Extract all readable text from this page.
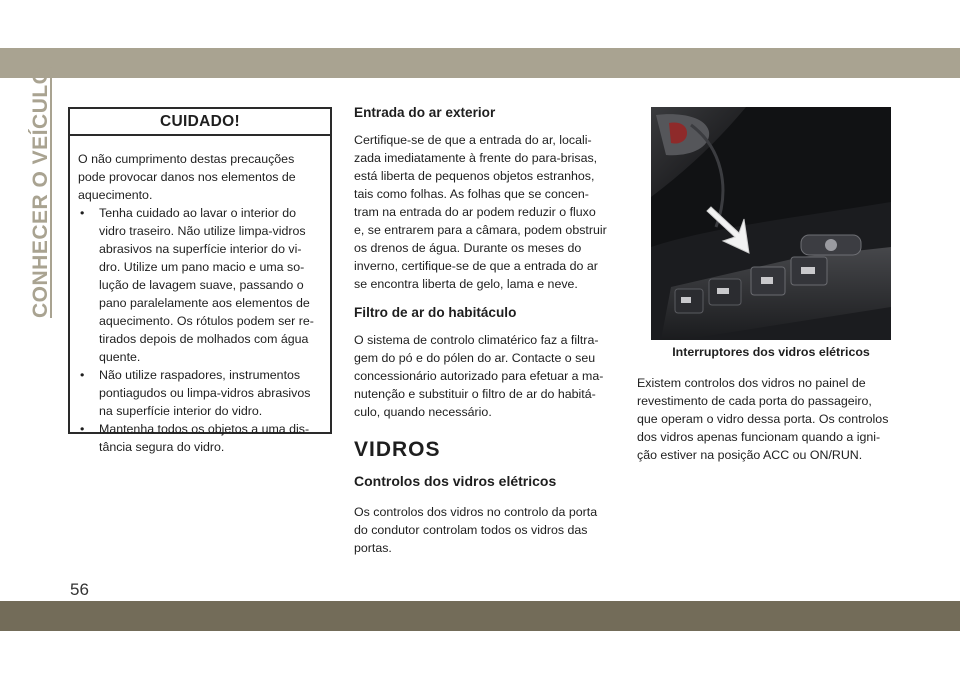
CONHECER O VEÍCULO
56
CUIDADO!

O não cumprimento destas precauções
pode provocar danos nos elementos de
aquecimento.

• Tenha cuidado ao lavar o interior do
vidro traseiro. Não utilize limpa-vidros
abrasivos na superfície interior do vi-
dro. Utilize um pano macio e uma so-
lução de lavagem suave, passando o
pano paralelamente aos elementos de
aquecimento. Os rótulos podem ser re-
tirados depois de molhados com água
quente.
• Não utilize raspadores, instrumentos
pontiagudos ou limpa-vidros abrasivos
na superfície interior do vidro.
• Mantenha todos os objetos a uma dis-
tância segura do vidro.
Entrada do ar exterior

Certifique-se de que a entrada do ar, locali-
zada imediatamente à frente do para-brisas,
está liberta de pequenos objetos estranhos,
tais como folhas. As folhas que se concen-
tram na entrada do ar podem reduzir o fluxo
e, se entrarem para a câmara, podem obstruir
os drenos de água. Durante os meses do
inverno, certifique-se de que a entrada do ar
se encontra liberta de gelo, lama e neve.

Filtro de ar do habitáculo

O sistema de controlo climatérico faz a filtra-
gem do pó e do pólen do ar. Contacte o seu
concessionário autorizado para efetuar a ma-
nutenção e substituir o filtro de ar do habitá-
culo, quando necessário.

VIDROS
Controlos dos vidros elétricos

Os controlos dos vidros no controlo da porta
do condutor controlam todos os vidros das
portas.

Interruptores dos vidros elétricos

Existem controlos dos vidros no painel de
revestimento de cada porta do passageiro,
que operam o vidro dessa porta. Os controlos
dos vidros apenas funcionam quando a igni-
ção estiver na posição ACC ou ON/RUN.
